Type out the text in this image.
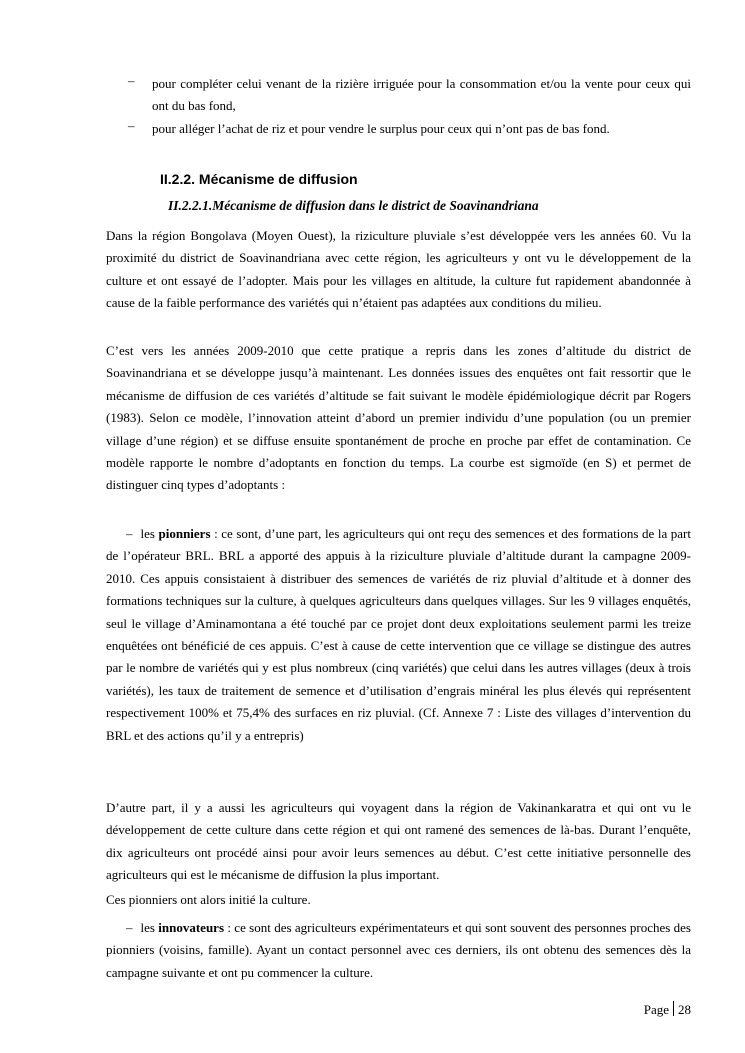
–	pour compléter celui venant de la rizière irriguée pour la consommation et/ou la vente pour ceux qui ont du bas fond,
–	pour alléger l’achat de riz et pour vendre le surplus pour ceux qui n’ont pas de bas fond.
II.2.2. Mécanisme de diffusion
II.2.2.1.Mécanisme de diffusion dans le district de Soavinandriana
Dans la région Bongolava (Moyen Ouest), la riziculture pluviale s’est développée vers les années 60. Vu la proximité du district de Soavinandriana avec cette région, les agriculteurs y ont vu le développement de la culture et ont essayé de l’adopter. Mais pour les villages en altitude, la culture fut rapidement abandonnée à cause de la faible performance des variétés qui n’étaient pas adaptées aux conditions du milieu.
C’est vers les années 2009-2010 que cette pratique a repris dans les zones d’altitude du district de Soavinandriana et se développe jusqu’à maintenant. Les données issues des enquêtes ont fait ressortir que le mécanisme de diffusion de ces variétés d’altitude se fait suivant le modèle épidémiologique décrit par Rogers (1983). Selon ce modèle, l’innovation atteint d’abord un premier individu d’une population (ou un premier village d’une région) et se diffuse ensuite spontanément de proche en proche par effet de contamination. Ce modèle rapporte le nombre d’adoptants en fonction du temps. La courbe est sigmoïde (en S) et permet de distinguer cinq types d’adoptants :
– les pionniers : ce sont, d’une part, les agriculteurs qui ont reçu des semences et des formations de la part de l’opérateur BRL. BRL a apporté des appuis à la riziculture pluviale d’altitude durant la campagne 2009-2010. Ces appuis consistaient à distribuer des semences de variétés de riz pluvial d’altitude et à donner des formations techniques sur la culture, à quelques agriculteurs dans quelques villages. Sur les 9 villages enquêtés, seul le village d’Aminamontana a été touché par ce projet dont deux exploitations seulement parmi les treize enquêtées ont bénéficié de ces appuis. C’est à cause de cette intervention que ce village se distingue des autres par le nombre de variétés qui y est plus nombreux (cinq variétés) que celui dans les autres villages (deux à trois variétés), les taux de traitement de semence et d’utilisation d’engrais minéral les plus élevés qui représentent respectivement 100% et 75,4% des surfaces en riz pluvial. (Cf. Annexe 7 : Liste des villages d’intervention du BRL et des actions qu’il y a entrepris)
D’autre part, il y a aussi les agriculteurs qui voyagent dans la région de Vakinankaratra et qui ont vu le développement de cette culture dans cette région et qui ont ramené des semences de là-bas. Durant l’enquête, dix agriculteurs ont procédé ainsi pour avoir leurs semences au début. C’est cette initiative personnelle des agriculteurs qui est le mécanisme de diffusion la plus important.
Ces pionniers ont alors initié la culture.
– les innovateurs : ce sont des agriculteurs expérimentateurs et qui sont souvent des personnes proches des pionniers (voisins, famille). Ayant un contact personnel avec ces derniers, ils ont obtenu des semences dès la campagne suivante et ont pu commencer la culture.
Page 28
